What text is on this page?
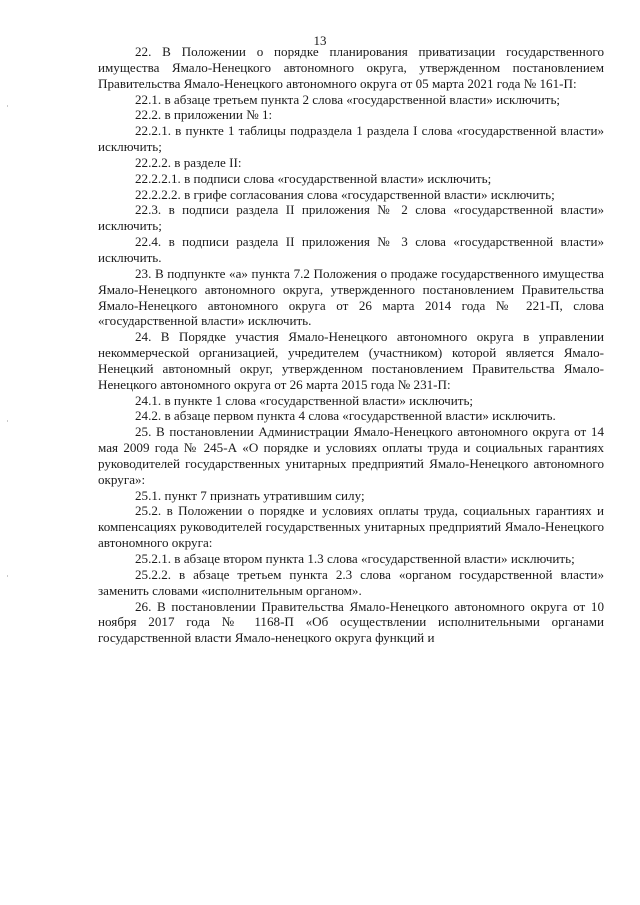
13

22. В Положении о порядке планирования приватизации государственного имущества Ямало-Ненецкого автономного округа, утвержденном постановлением Правительства Ямало-Ненецкого автономного округа от 05 марта 2021 года № 161-П:

22.1. в абзаце третьем пункта 2 слова «государственной власти» исключить;

22.2. в приложении № 1:

22.2.1. в пункте 1 таблицы подраздела 1 раздела I слова «государственной власти» исключить;

22.2.2. в разделе II:

22.2.2.1. в подписи слова «государственной власти» исключить;

22.2.2.2. в грифе согласования слова «государственной власти» исключить;

22.3. в подписи раздела II приложения № 2 слова «государственной власти» исключить;

22.4. в подписи раздела II приложения № 3 слова «государственной власти» исключить.

23. В подпункте «а» пункта 7.2 Положения о продаже государственного имущества Ямало-Ненецкого автономного округа, утвержденного постановлением Правительства Ямало-Ненецкого автономного округа от 26 марта 2014 года № 221-П, слова «государственной власти» исключить.

24. В Порядке участия Ямало-Ненецкого автономного округа в управлении некоммерческой организацией, учредителем (участником) которой является Ямало-Ненецкий автономный округ, утвержденном постановлением Правительства Ямало-Ненецкого автономного округа от 26 марта 2015 года № 231-П:

24.1. в пункте 1 слова «государственной власти» исключить;

24.2. в абзаце первом пункта 4 слова «государственной власти» исключить.

25. В постановлении Администрации Ямало-Ненецкого автономного округа от 14 мая 2009 года № 245-А «О порядке и условиях оплаты труда и социальных гарантиях руководителей государственных унитарных предприятий Ямало-Ненецкого автономного округа»:

25.1. пункт 7 признать утратившим силу;

25.2. в Положении о порядке и условиях оплаты труда, социальных гарантиях и компенсациях руководителей государственных унитарных предприятий Ямало-Ненецкого автономного округа:

25.2.1. в абзаце втором пункта 1.3 слова «государственной власти» исключить;

25.2.2. в абзаце третьем пункта 2.3 слова «органом государственной власти» заменить словами «исполнительным органом».

26. В постановлении Правительства Ямало-Ненецкого автономного округа от 10 ноября 2017 года № 1168-П «Об осуществлении исполнительными органами государственной власти Ямало-ненецкого округа функций и
